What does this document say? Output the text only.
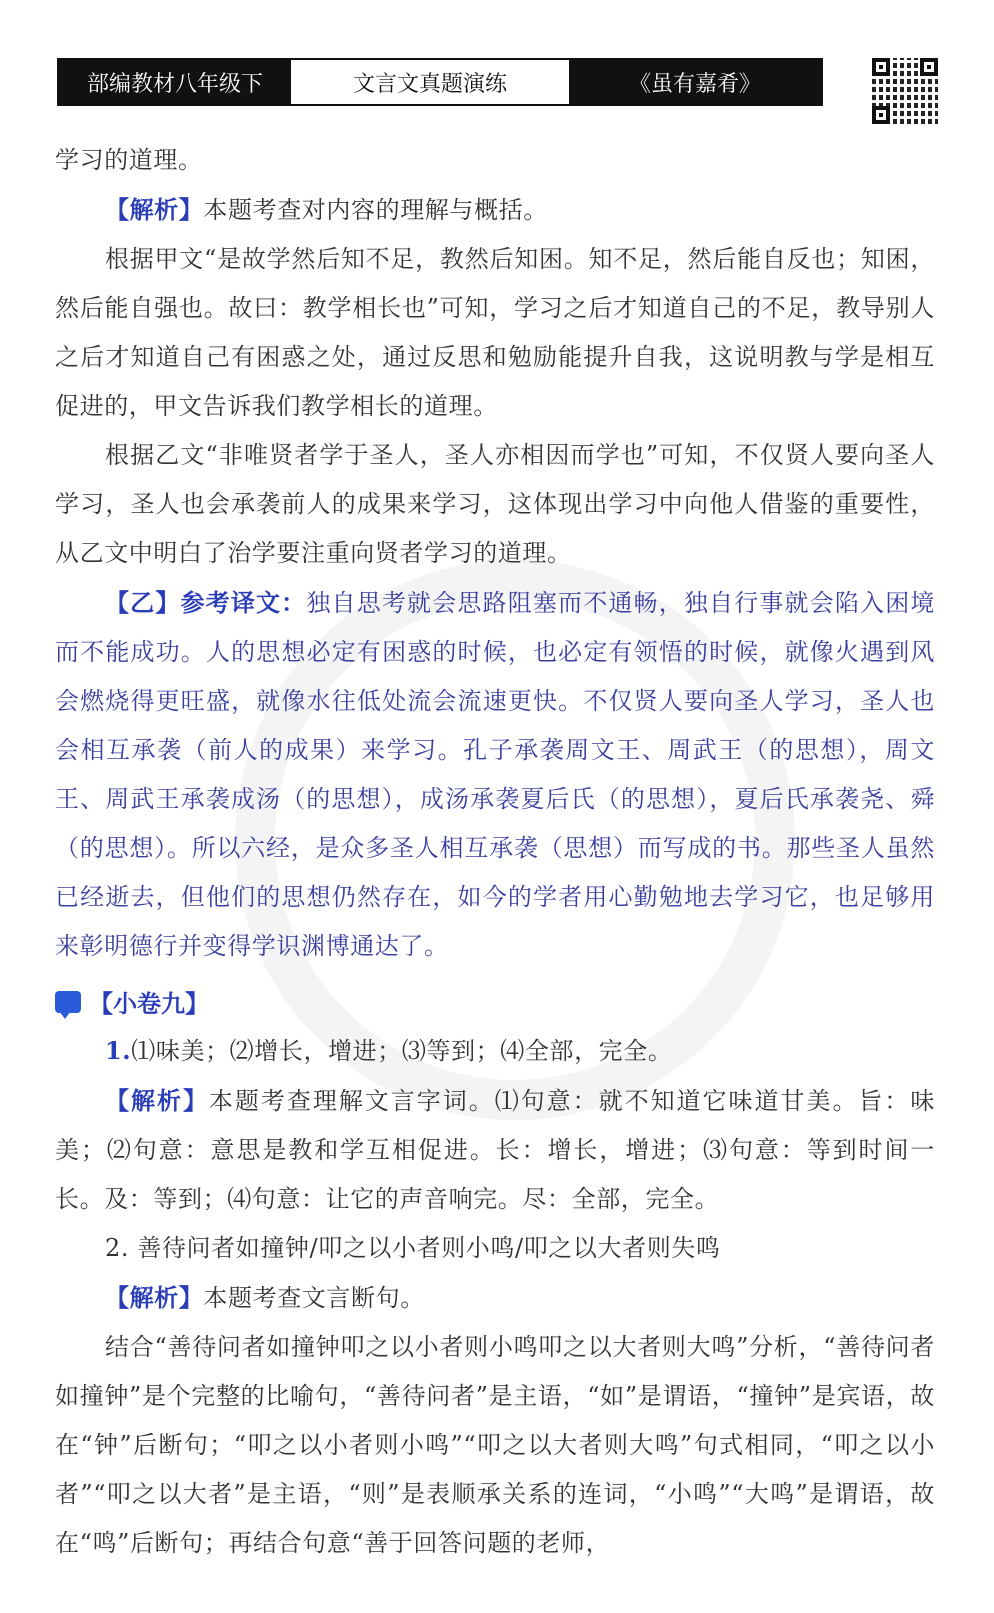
部编教材八年级下	文言文真题演练	《虽有嘉肴》

学习的道理。

【解析】本题考查对内容的理解与概括。

根据甲文“是故学然后知不足，教然后知困。知不足，然后能自反也；知困，然后能自强也。故曰：教学相长也”可知，学习之后才知道自己的不足，教导别人之后才知道自己有困惑之处，通过反思和勉励能提升自我，这说明教与学是相互促进的，甲文告诉我们教学相长的道理。

根据乙文“非唯贤者学于圣人，圣人亦相因而学也”可知，不仅贤人要向圣人学习，圣人也会承袭前人的成果来学习，这体现出学习中向他人借鉴的重要性，从乙文中明白了治学要注重向贤者学习的道理。

【乙】参考译文：独自思考就会思路阻塞而不通畅，独自行事就会陷入困境而不能成功。人的思想必定有困惑的时候，也必定有领悟的时候，就像火遇到风会燃烧得更旺盛，就像水往低处流会流速更快。不仅贤人要向圣人学习，圣人也会相互承袭（前人的成果）来学习。孔子承袭周文王、周武王（的思想），周文王、周武王承袭成汤（的思想），成汤承袭夏后氏（的思想），夏后氏承袭尧、舜（的思想）。所以六经，是众多圣人相互承袭（思想）而写成的书。那些圣人虽然已经逝去，但他们的思想仍然存在，如今的学者用心勤勉地去学习它，也足够用来彰明德行并变得学识渊博通达了。

【小卷九】

1.⑴味美；⑵增长，增进；⑶等到；⑷全部，完全。

【解析】本题考查理解文言字词。⑴句意：就不知道它味道甘美。旨：味美；⑵句意：意思是教和学互相促进。长：增长，增进；⑶句意：等到时间一长。及：等到；⑷句意：让它的声音响完。尽：全部，完全。

2. 善待问者如撞钟/叩之以小者则小鸣/叩之以大者则失鸣

【解析】本题考查文言断句。

结合“善待问者如撞钟叩之以小者则小鸣叩之以大者则大鸣”分析，“善待问者如撞钟”是个完整的比喻句，“善待问者”是主语，“如”是谓语，“撞钟”是宾语，故在“钟”后断句；“叩之以小者则小鸣”“叩之以大者则大鸣”句式相同，“叩之以小者”“叩之以大者”是主语，“则”是表顺承关系的连词，“小鸣”“大鸣”是谓语，故在“鸣”后断句；再结合句意“善于回答问题的老师，
